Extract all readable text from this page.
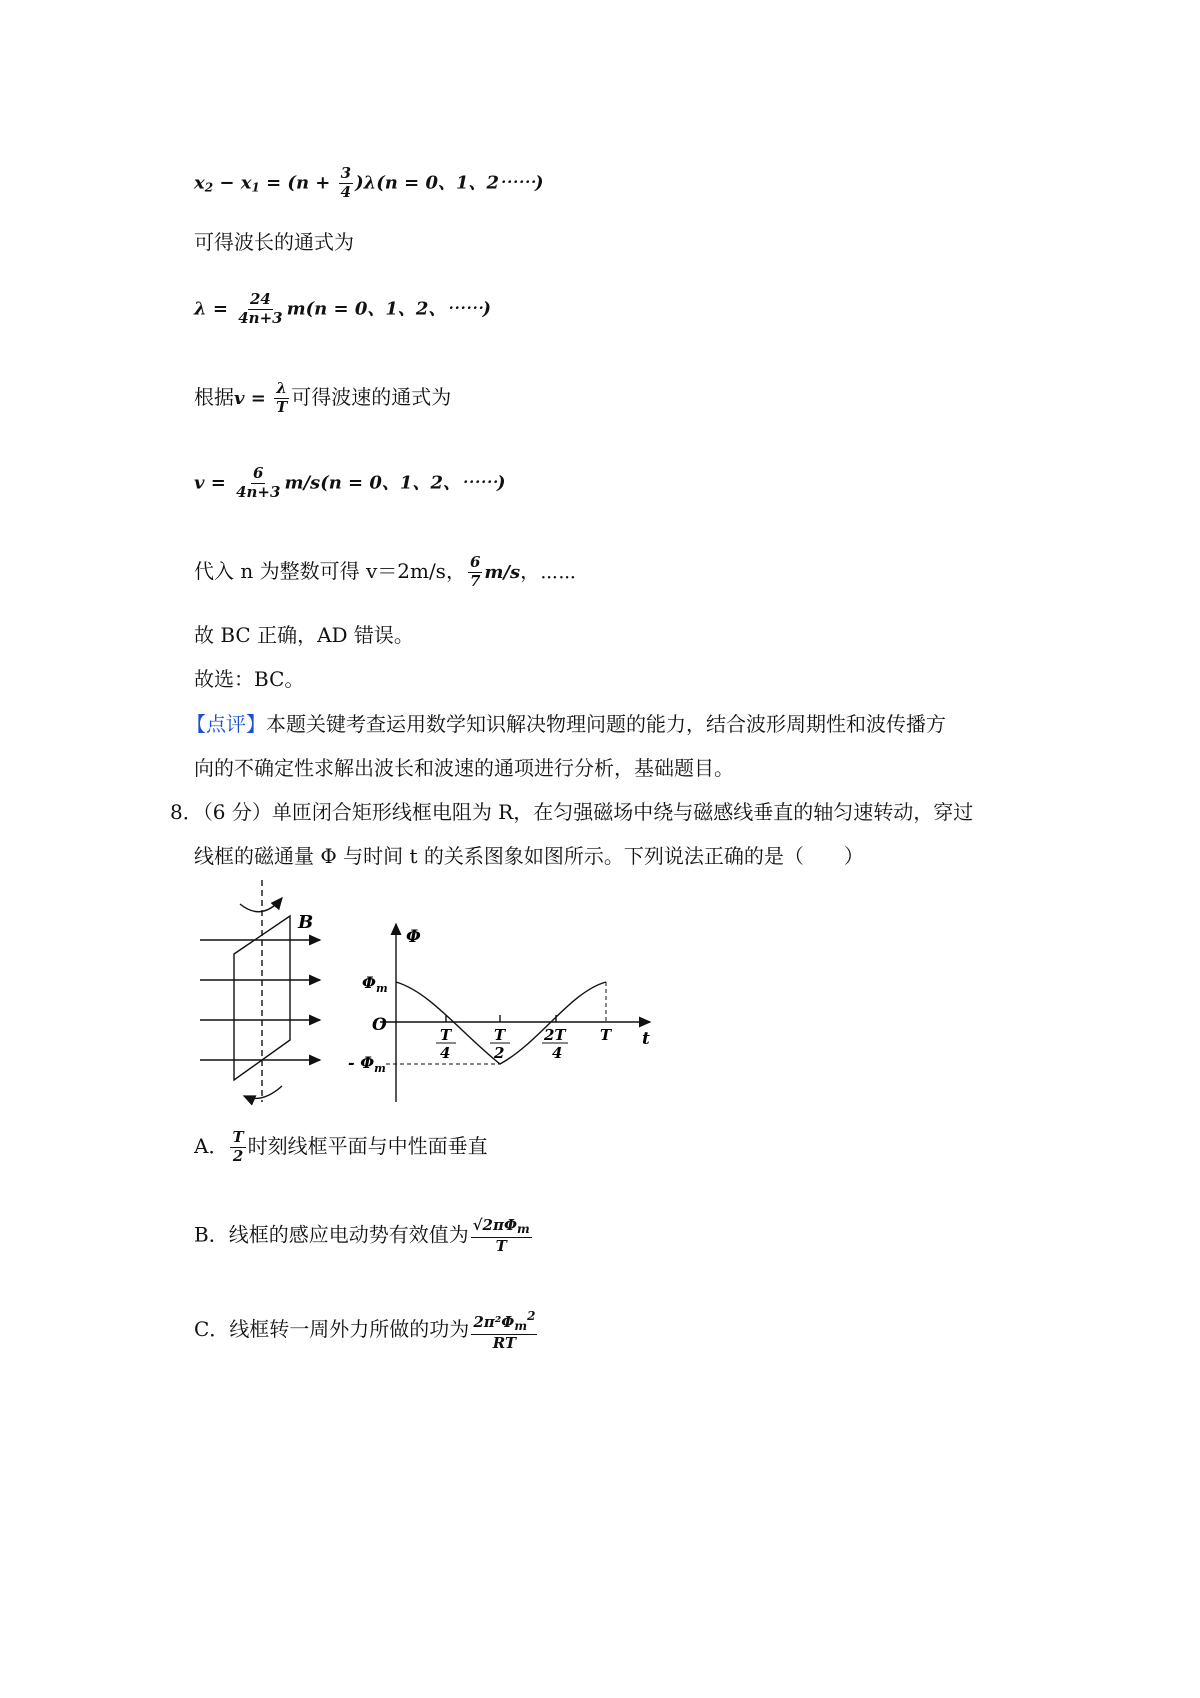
$x_2 - x_1 = (n + \frac{3}{4} )\lambda(n = 0$、1、2⋯⋯)
可得波长的通式为
$\lambda = \frac{24}{4n+3} m(n = 0$、1、2、⋯⋯)
根据$v = \frac{\lambda}{T}$ 可得波速的通式为
$v = \frac{6}{4n+3} m/s(n = 0$、1、2、⋯⋯)
代入 n 为整数可得 v＝2m/s， $\frac{6}{7} m/s$，⋯⋯
故 BC 正确，AD 错误。
故选：BC。
【点评】本题关键考查运用数学知识解决物理问题的能力，结合波形周期性和波传播方
向的不确定性求解出波长和波速的通项进行分析，基础题目。
8．（6 分）单匝闭合矩形线框电阻为 R，在匀强磁场中绕与磁感线垂直的轴匀速转动，穿过
线框的磁通量 Φ 与时间 t 的关系图象如图所示。下列说法正确的是（　　）
B
Φ
t
O
$\Phi_m$
- $\Phi_m$
T
4
T
2
2T
4
T
A． $\frac{T}{2}$ 时刻线框平面与中性面垂直
B．线框的感应电动势有效值为 $\frac{√2\pi\Phi_m}{T}$
C．线框转一周外力所做的功为 $\frac{2\pi^2\Phi_m^2}{RT}$
